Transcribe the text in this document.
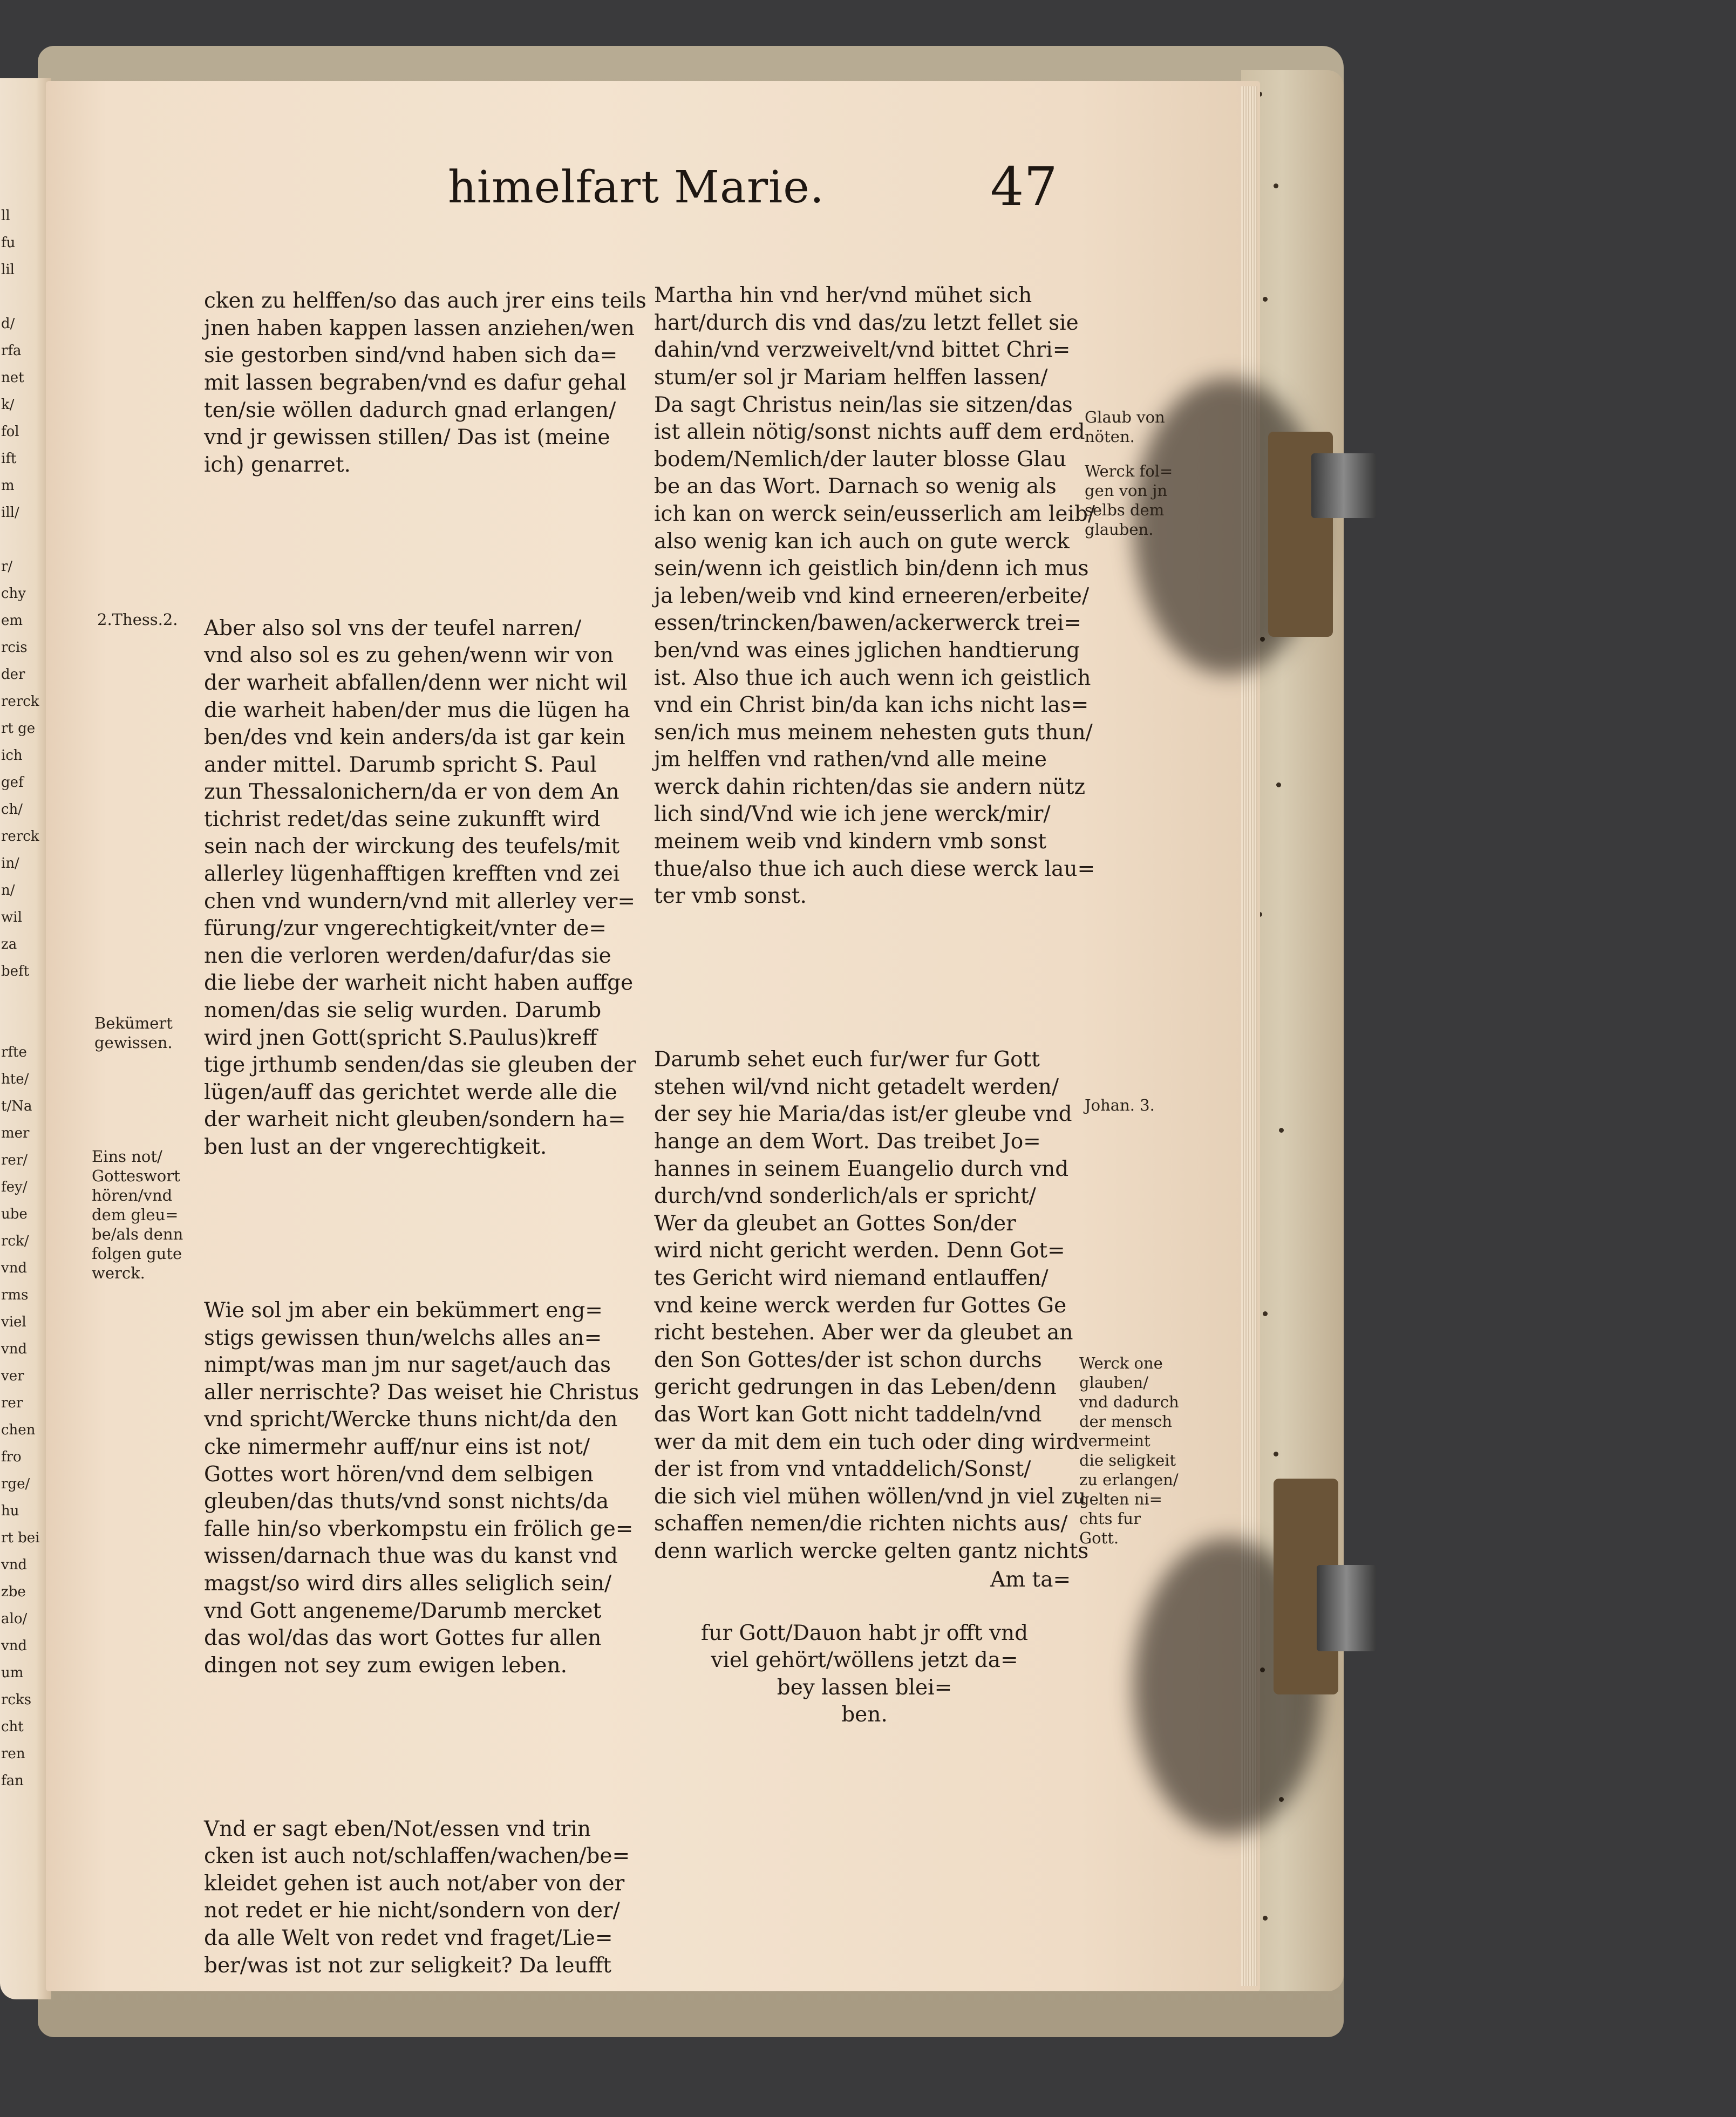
ll
fu
lil

d/
rfa
net
k/
fol
ift
m
ill/

r/
chy
em
rcis
der
rerck
rt ge
ich
gef
ch/
rerck
in/
n/
wil
za
beft

rfte
hte/
t/Na
mer
rer/
fey/
ube
rck/
vnd
rms
viel
vnd
ver
rer
chen
fro
rge/
hu
rt bei
vnd
zbe
alo/
vnd
um
rcks
cht
ren
fan
himelfart Marie.	47

cken zu helffen/so das auch jrer eins teils
jnen haben kappen lassen anziehen/wen
sie gestorben sind/vnd haben sich da=
mit lassen begraben/vnd es dafur gehal
ten/sie wöllen dadurch gnad erlangen/
vnd jr gewissen stillen/ Das ist (meine
ich) genarret.

Aber also sol vns der teufel narren/
vnd also sol es zu gehen/wenn wir von
der warheit abfallen/denn wer nicht wil
die warheit haben/der mus die lügen ha
ben/des vnd kein anders/da ist gar kein
ander mittel. Darumb spricht S. Paul
zun Thessalonichern/da er von dem An
tichrist redet/das seine zukunfft wird
sein nach der wirckung des teufels/mit
allerley lügenhafftigen krefften vnd zei
chen vnd wundern/vnd mit allerley ver=
fürung/zur vngerechtigkeit/vnter de=
nen die verloren werden/dafur/das sie
die liebe der warheit nicht haben auffge
nomen/das sie selig wurden. Darumb
wird jnen Gott(spricht S.Paulus)kreff
tige jrthumb senden/das sie gleuben der
lügen/auff das gerichtet werde alle die
der warheit nicht gleuben/sondern ha=
ben lust an der vngerechtigkeit.

Wie sol jm aber ein bekümmert eng=
stigs gewissen thun/welchs alles an=
nimpt/was man jm nur saget/auch das
aller nerrischte? Das weiset hie Christus
vnd spricht/Wercke thuns nicht/da den
cke nimermehr auff/nur eins ist not/
Gottes wort hören/vnd dem selbigen
gleuben/das thuts/vnd sonst nichts/da
falle hin/so vberkompstu ein frölich ge=
wissen/darnach thue was du kanst vnd
magst/so wird dirs alles seliglich sein/
vnd Gott angeneme/Darumb mercket
das wol/das das wort Gottes fur allen
dingen not sey zum ewigen leben.

Vnd er sagt eben/Not/essen vnd trin
cken ist auch not/schlaffen/wachen/be=
kleidet gehen ist auch not/aber von der
not redet er hie nicht/sondern von der/
da alle Welt von redet vnd fraget/Lie=
ber/was ist not zur seligkeit? Da leufft

Martha hin vnd her/vnd mühet sich
hart/durch dis vnd das/zu letzt fellet sie
dahin/vnd verzweivelt/vnd bittet Chri=
stum/er sol jr Mariam helffen lassen/
Da sagt Christus nein/las sie sitzen/das
ist allein nötig/sonst nichts auff dem erd
bodem/Nemlich/der lauter blosse Glau
be an das Wort. Darnach so wenig als
ich kan on werck sein/eusserlich am leib/
also wenig kan ich auch on gute werck
sein/wenn ich geistlich bin/denn ich mus
ja leben/weib vnd kind erneeren/erbeite/
essen/trincken/bawen/ackerwerck trei=
ben/vnd was eines jglichen handtierung
ist. Also thue ich auch wenn ich geistlich
vnd ein Christ bin/da kan ichs nicht las=
sen/ich mus meinem nehesten guts thun/
jm helffen vnd rathen/vnd alle meine
werck dahin richten/das sie andern nütz
lich sind/Vnd wie ich jene werck/mir/
meinem weib vnd kindern vmb sonst
thue/also thue ich auch diese werck lau=
ter vmb sonst.

Darumb sehet euch fur/wer fur Gott
stehen wil/vnd nicht getadelt werden/
der sey hie Maria/das ist/er gleube vnd
hange an dem Wort. Das treibet Jo=
hannes in seinem Euangelio durch vnd
durch/vnd sonderlich/als er spricht/
Wer da gleubet an Gottes Son/der
wird nicht gericht werden. Denn Got=
tes Gericht wird niemand entlauffen/
vnd keine werck werden fur Gottes Ge
richt bestehen. Aber wer da gleubet an
den Son Gottes/der ist schon durchs
gericht gedrungen in das Leben/denn
das Wort kan Gott nicht taddeln/vnd
wer da mit dem ein tuch oder ding wird
der ist from vnd vntaddelich/Sonst/
die sich viel mühen wöllen/vnd jn viel zu
schaffen nemen/die richten nichts aus/
denn warlich wercke gelten gantz nichts

fur Gott/Dauon habt jr offt vnd
viel gehört/wöllens jetzt da=
bey lassen blei=
ben.

Am ta=
2.Thess.2.
Bekümert
gewissen.
Eins not/
Gotteswort
hören/vnd
dem gleu=
be/als denn
folgen gute
werck.
Glaub von
nöten.
Werck fol=
gen von jn
selbs dem
glauben.
Johan. 3.
Werck one
glauben/
vnd dadurch
der mensch
vermeint
die seligkeit
zu erlangen/
gelten ni=
chts fur
Gott.
